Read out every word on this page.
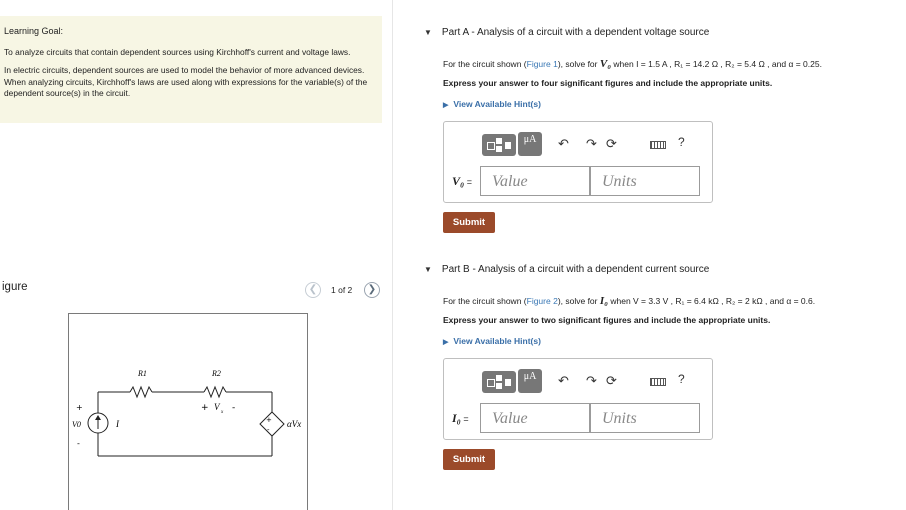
Learning Goal:

To analyze circuits that contain dependent sources using Kirchhoff's current and voltage laws.

In electric circuits, dependent sources are used to model the behavior of more advanced devices. When analyzing circuits, Kirchhoff's laws are used along with expressions for the variable(s) of the dependent source(s) in the circuit.

igure	❮	1 of 2	❯
+
-
R1	R2
+ V
x -
+
V0
-
I	αVx
▼ Part A - Analysis of a circuit with a dependent voltage source
For the circuit shown (Figure 1), solve for V₀ when I = 1.5 A , R₁ = 14.2 Ω , R₂ = 5.4 Ω , and α = 0.25.
Express your answer to four significant figures and include the appropriate units.
▶ View Available Hint(s)
μA	↶ ↷ ⟳	?
V₀ =	Value	Units
Submit
▼ Part B - Analysis of a circuit with a dependent current source
For the circuit shown (Figure 2), solve for I₀ when V = 3.3 V , R₁ = 6.4 kΩ , R₂ = 2 kΩ , and α = 0.6.
Express your answer to two significant figures and include the appropriate units.
▶ View Available Hint(s)
μA	↶ ↷ ⟳	?
I₀ =	Value	Units
Submit
